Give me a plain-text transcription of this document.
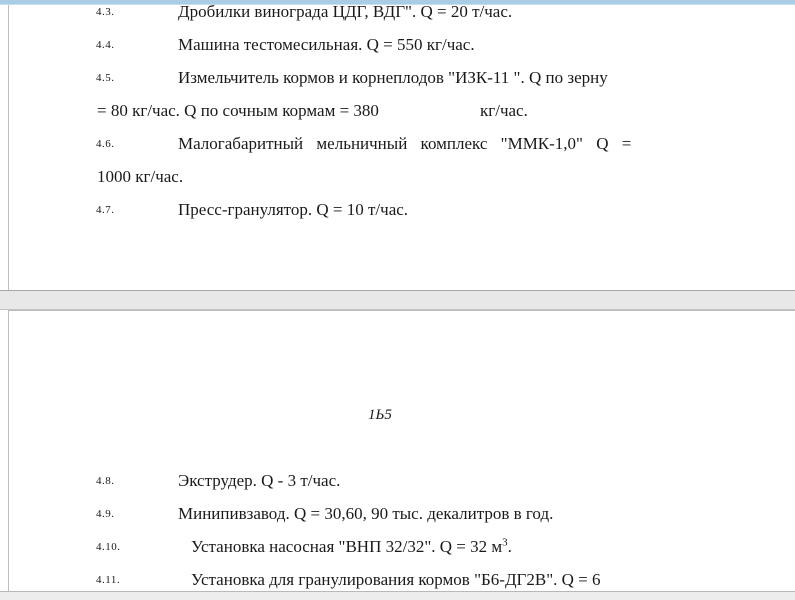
4.3.	Дробилки винограда ЦДГ, ВДГ". Q = 20 т/час.
4.4.	Машина тестомесильная. Q = 550 кг/час.
4.5.	Измельчитель кормов и корнеплодов "ИЗК-11 ". Q по зерну
= 80 кг/час. Q по сочным кормам = 380	кг/час.
4.6.	Малогабаритный мельничный комплекс "ММК-1,0" Q =
1000 кг/час.
4.7.	Пресс-гранулятор. Q = 10 т/час.
1Ь5
4.8.	Экструдер. Q - 3 т/час.
4.9.	Минипивзавод. Q = 30,60, 90 тыс. декалитров в год.
4.10.	Установка насосная "ВНП 32/32". Q = 32 $м^3$.
4.11.	Установка для гранулирования кормов "Б6-ДГ2В". Q = 6
